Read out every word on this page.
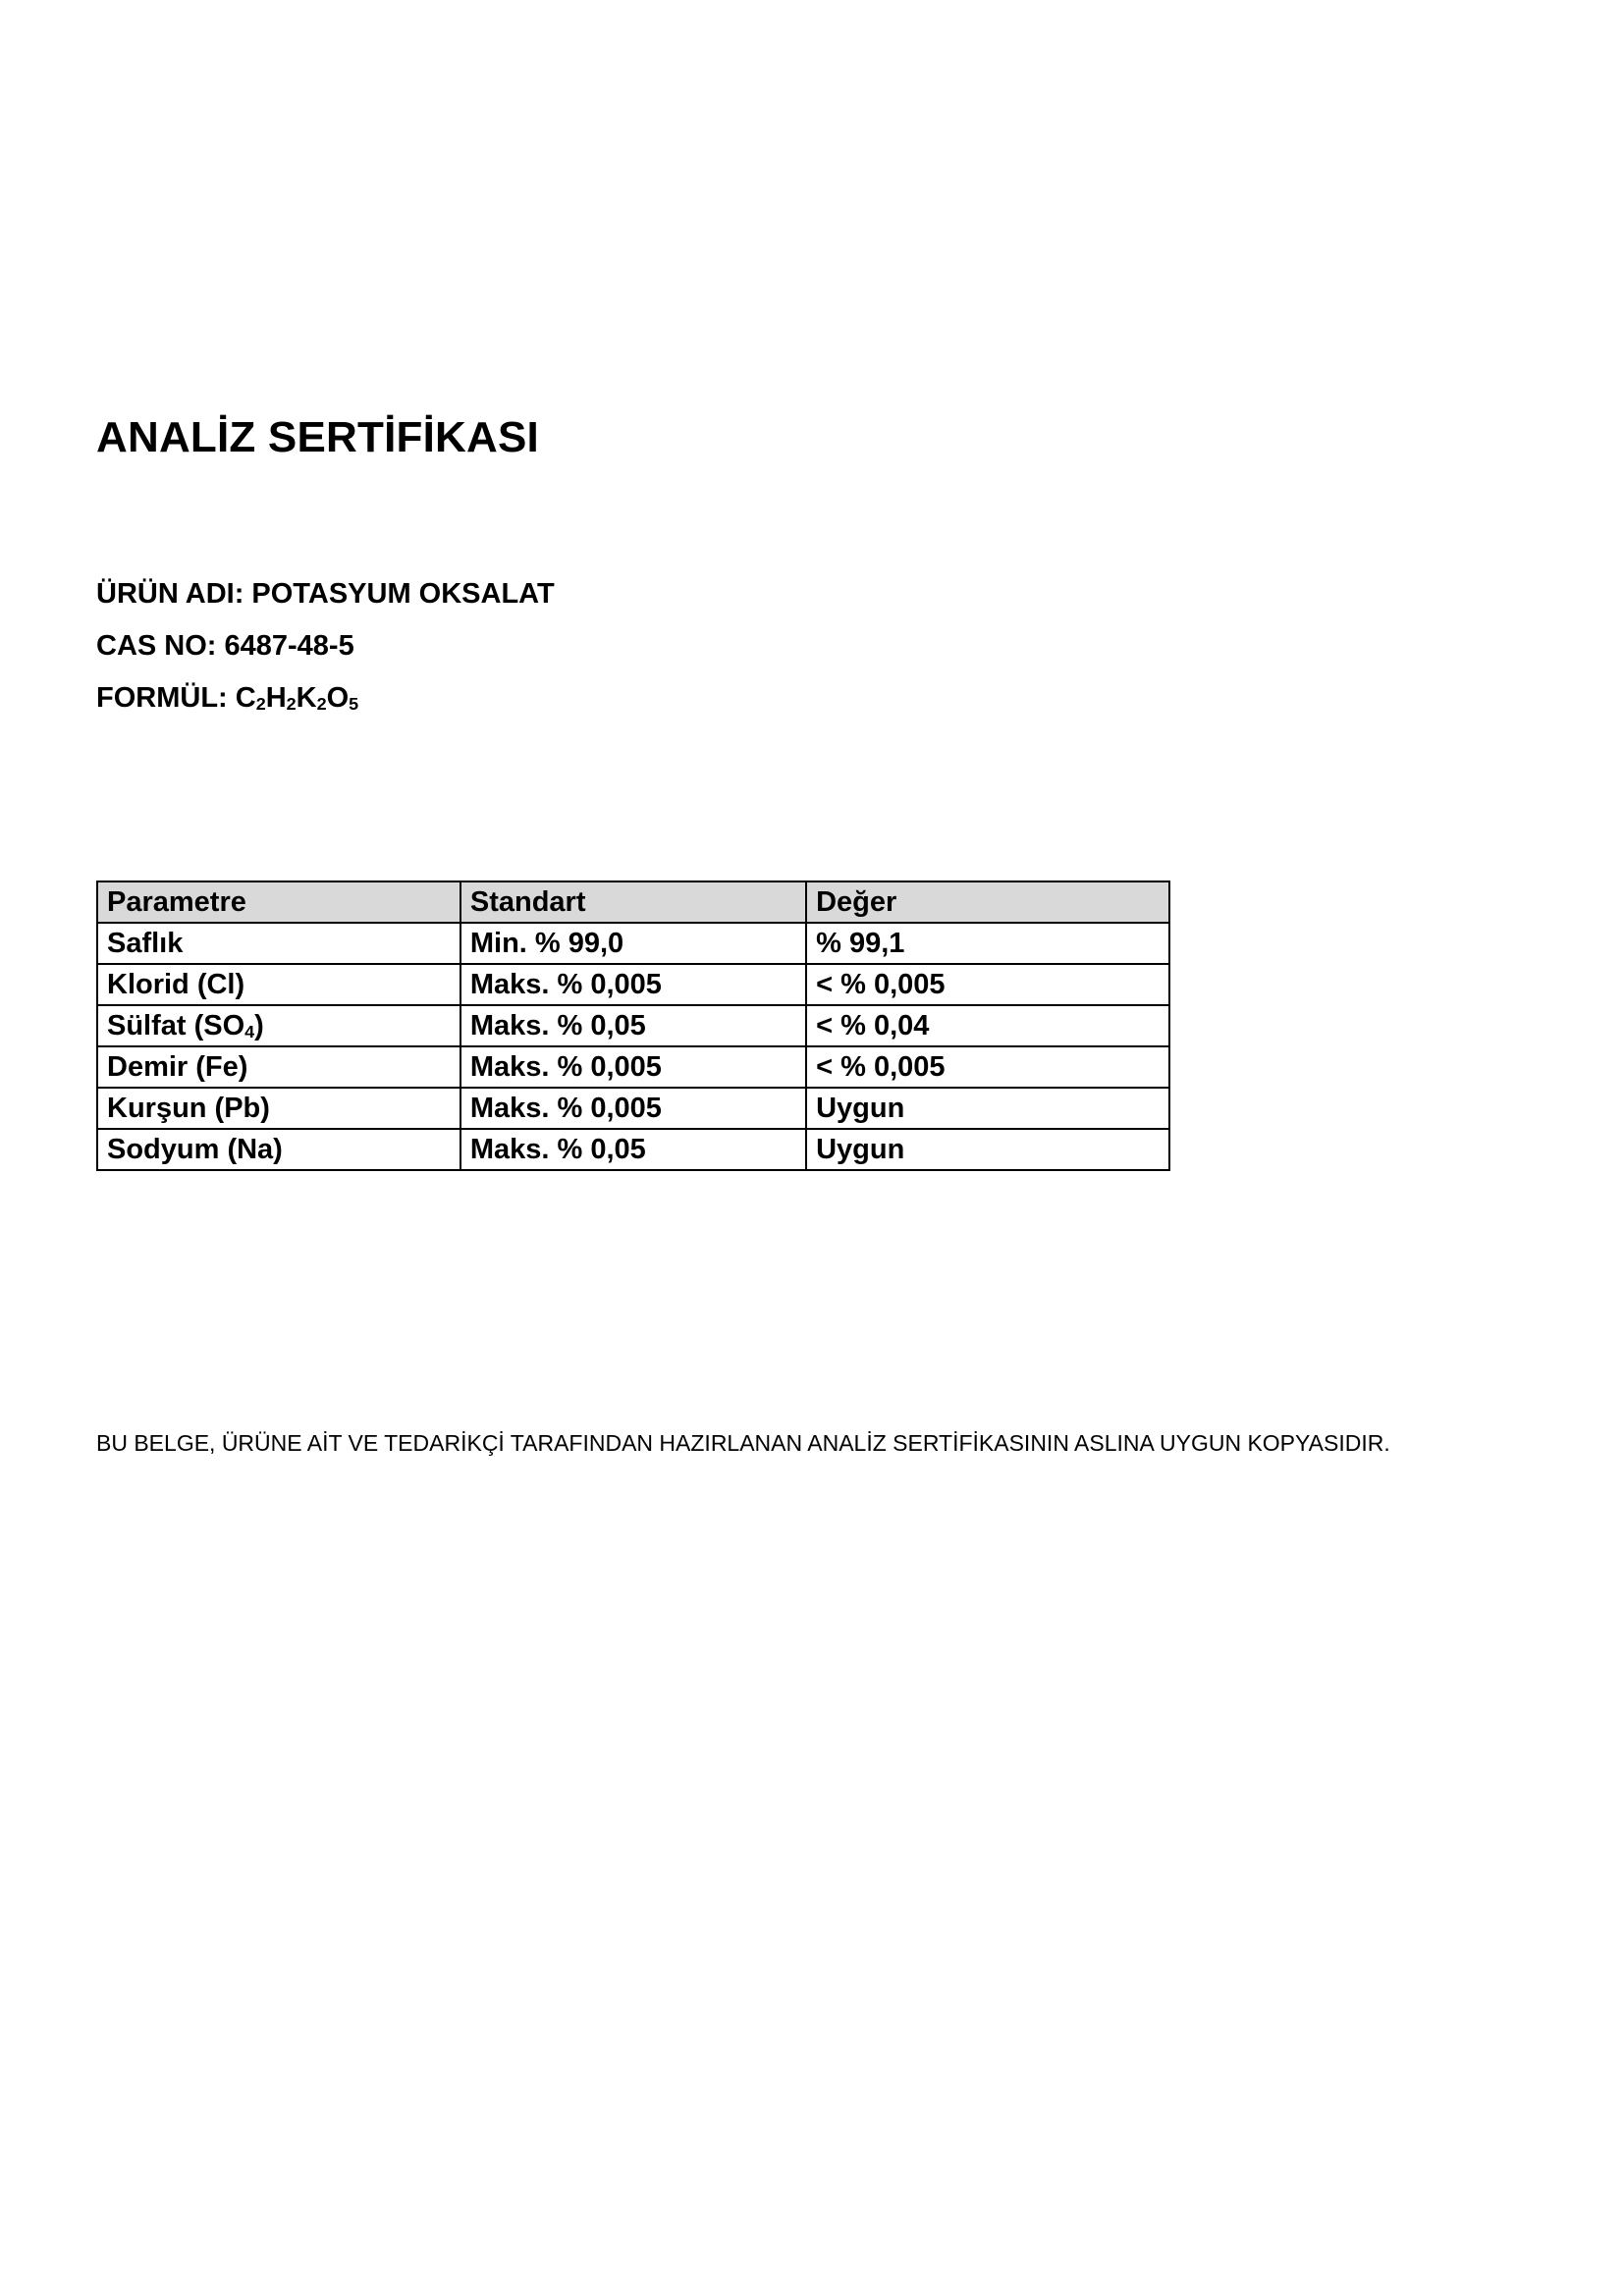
ANALİZ SERTİFİKASI
ÜRÜN ADI: POTASYUM OKSALAT
CAS NO: 6487-48-5
FORMÜL: C2H2K2O5
Parametre	Standart	Değer
Saflık	Min. % 99,0	% 99,1
Klorid (Cl)	Maks. % 0,005	< % 0,005
Sülfat (SO4)	Maks. % 0,05	< % 0,04
Demir (Fe)	Maks. % 0,005	< % 0,005
Kurşun (Pb)	Maks. % 0,005	Uygun
Sodyum (Na)	Maks. % 0,05	Uygun
BU BELGE, ÜRÜNE AİT VE TEDARİKÇİ TARAFINDAN HAZIRLANAN ANALİZ SERTİFİKASININ ASLINA UYGUN KOPYASIDIR.
